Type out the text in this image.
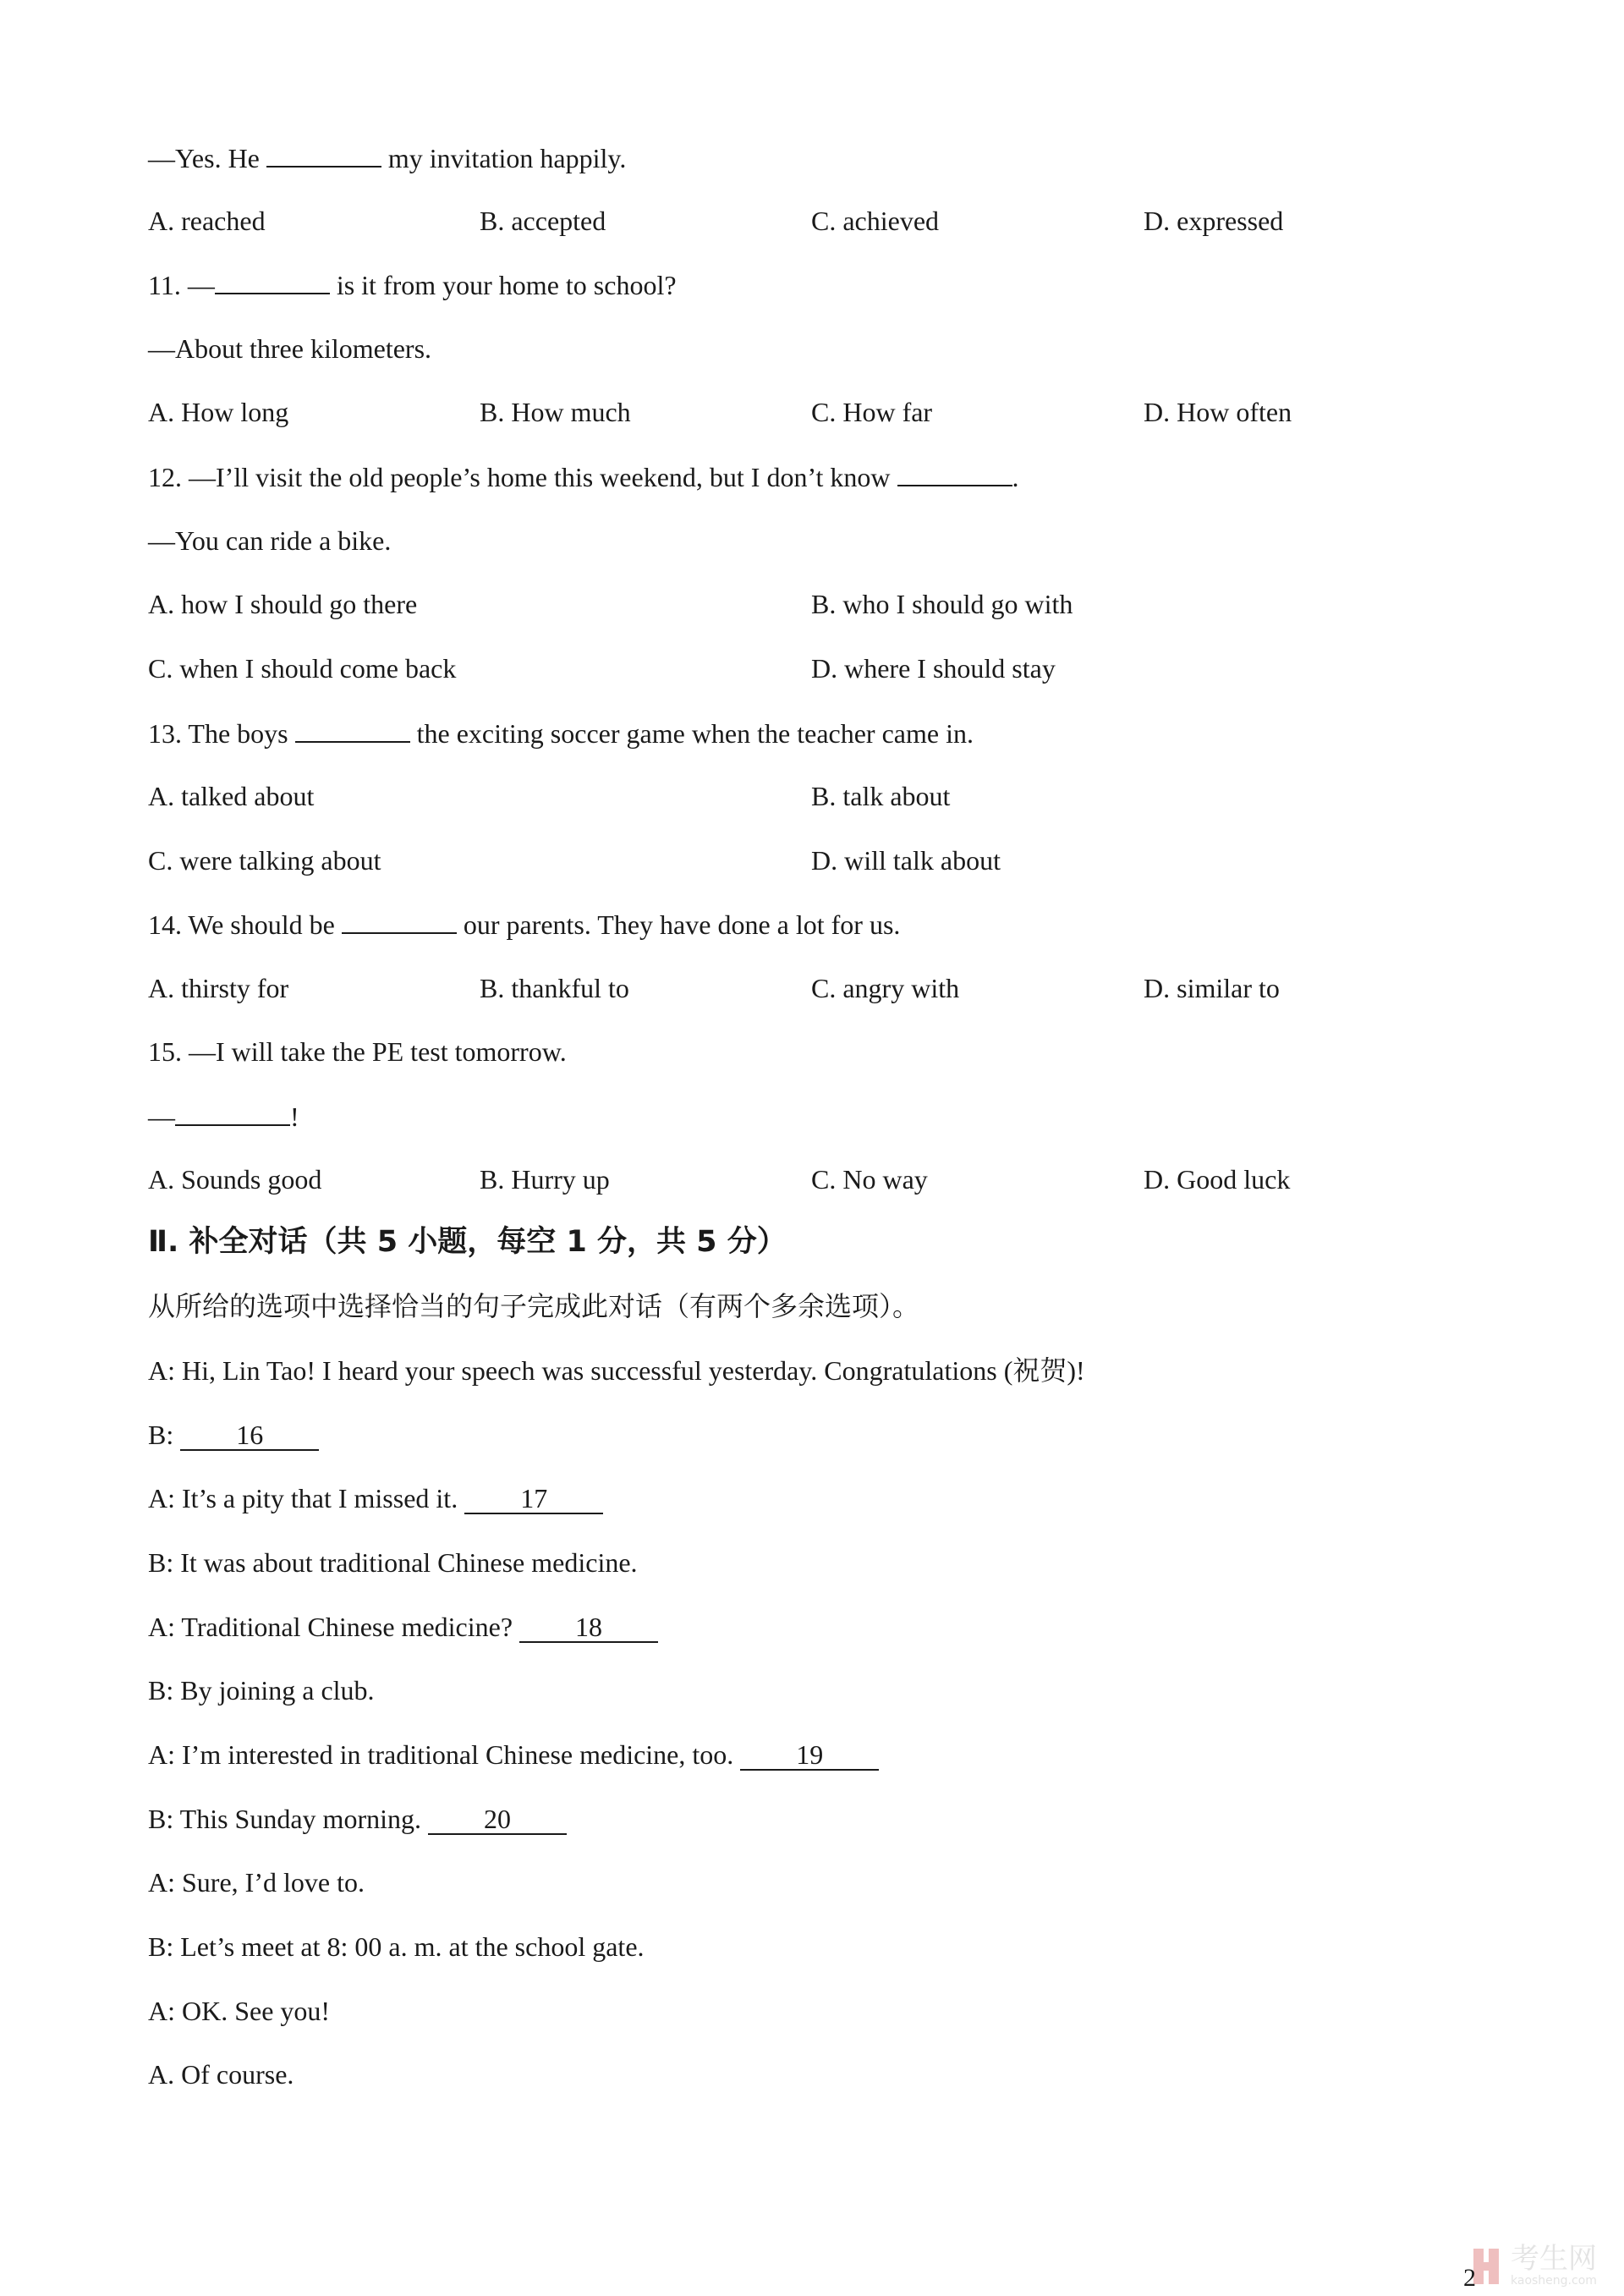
—Yes. He	my invitation happily.
A. reached	B. accepted	C. achieved	D. expressed
11. —	is it from your home to school?
—About three kilometers.
A. How long	B. How much	C. How far	D. How often
12. —I’ll visit the old people’s home this weekend, but I don’t know	.
—You can ride a bike.
A. how I should go there	B. who I should go with
C. when I should come back	D. where I should stay
13. The boys	the exciting soccer game when the teacher came in.
A. talked about	B. talk about
C. were talking about	D. will talk about
14. We should be	our parents. They have done a lot for us.
A. thirsty for	B. thankful to	C. angry with	D. similar to
15. —I will take the PE test tomorrow.
—	!
A. Sounds good	B. Hurry up	C. No way	D. Good luck
Ⅱ. 补全对话（共 5 小题，每空 1 分，共 5 分）
从所给的选项中选择恰当的句子完成此对话（有两个多余选项）。
A: Hi, Lin Tao! I heard your speech was successful yesterday. Congratulations (祝贺)!
B: 16
A: It’s a pity that I missed it. 17
B: It was about traditional Chinese medicine.
A: Traditional Chinese medicine? 18
B: By joining a club.
A: I’m interested in traditional Chinese medicine, too. 19
B: This Sunday morning. 20
A: Sure, I’d love to.
B: Let’s meet at 8: 00 a. m. at the school gate.
A: OK. See you!
A. Of course.
考生网
kaosheng.com
2
